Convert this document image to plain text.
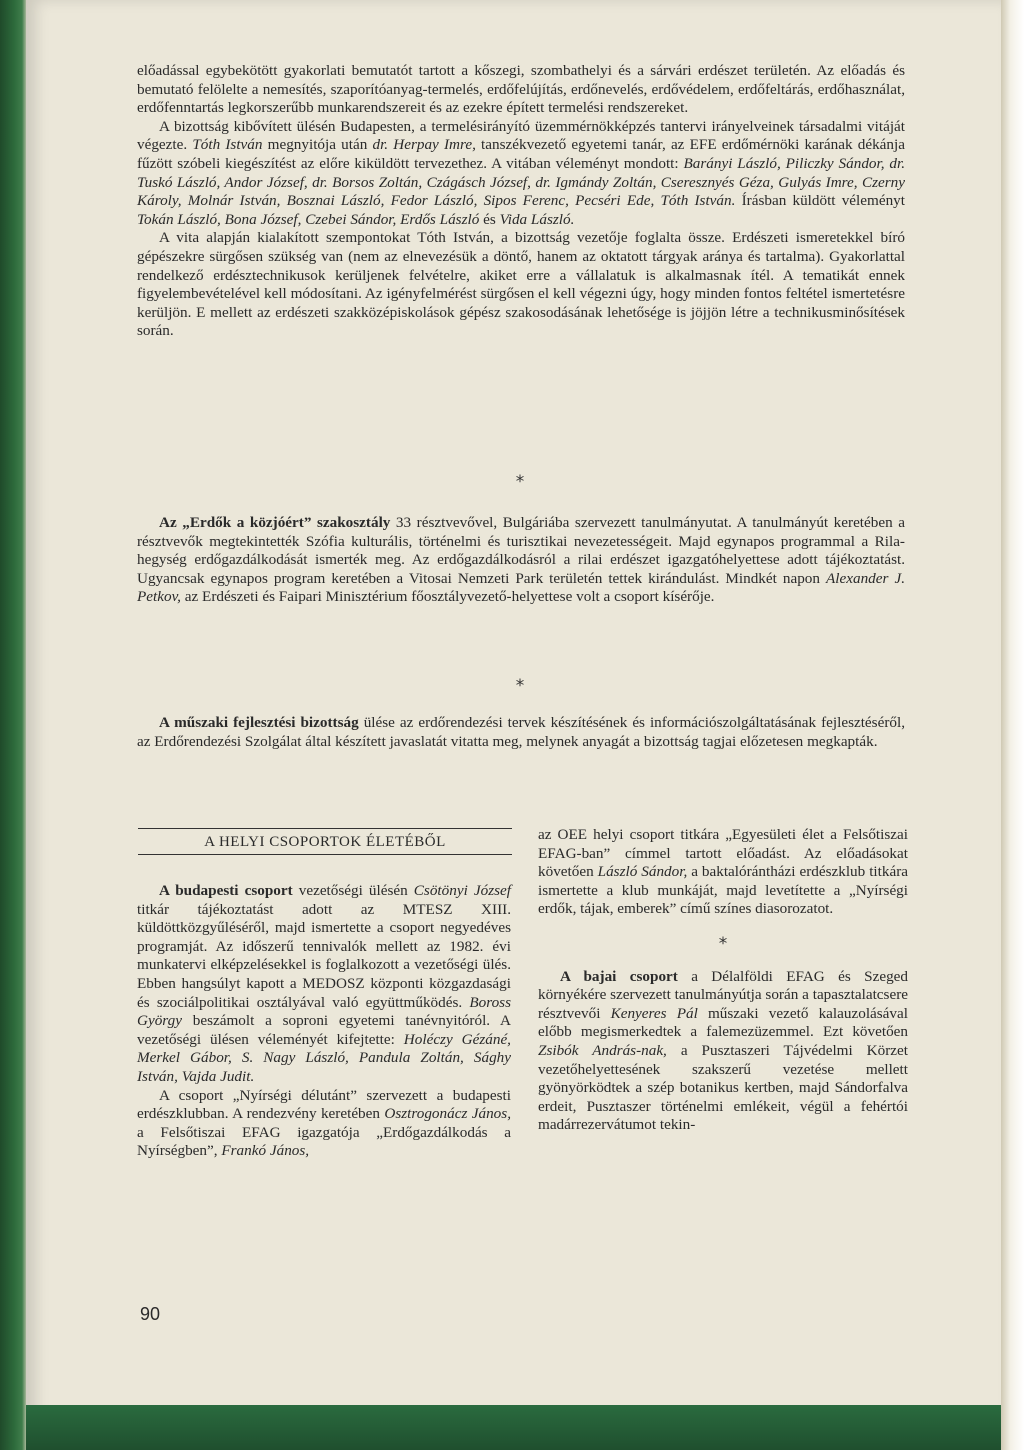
előadással egybekötött gyakorlati bemutatót tartott a kőszegi, szombathelyi és a sárvári erdészet területén. Az előadás és bemutató felölelte a nemesítés, szaporítóanyag-termelés, erdőfelújítás, erdőnevelés, erdővédelem, erdőfeltárás, erdőhasználat, erdőfenntartás legkorszerűbb munkarendszereit és az ezekre épített termelési rendszereket.

A bizottság kibővített ülésén Budapesten, a termelésirányító üzemmérnökképzés tantervi irányelveinek társadalmi vitáját végezte. Tóth István megnyitója után dr. Herpay Imre, tanszékvezető egyetemi tanár, az EFE erdőmérnöki karának dékánja fűzött szóbeli kiegészítést az előre kiküldött tervezethez. A vitában véleményt mondott: Barányi László, Piliczky Sándor, dr. Tuskó László, Andor József, dr. Borsos Zoltán, Czágásch József, dr. Igmándy Zoltán, Cseresznyés Géza, Gulyás Imre, Czerny Károly, Molnár István, Bosznai László, Fedor László, Sipos Ferenc, Pecséri Ede, Tóth István. Írásban küldött véleményt Tokán László, Bona József, Czebei Sándor, Erdős László és Vida László.

A vita alapján kialakított szempontokat Tóth István, a bizottság vezetője foglalta össze. Erdészeti ismeretekkel bíró gépészekre sürgősen szükség van (nem az elnevezésük a döntő, hanem az oktatott tárgyak aránya és tartalma). Gyakorlattal rendelkező erdésztechnikusok kerüljenek felvételre, akiket erre a vállalatuk is alkalmasnak ítél. A tematikát ennek figyelembevételével kell módosítani. Az igényfelmérést sürgősen el kell végezni úgy, hogy minden fontos feltétel ismertetésre kerüljön. E mellett az erdészeti szakközépiskolások gépész szakosodásának lehetősége is jöjjön létre a technikusminősítések során.

*
Az „Erdők a közjóért” szakosztály 33 résztvevővel, Bulgáriába szervezett tanulmányutat. A tanulmányút keretében a résztvevők megtekintették Szófia kulturális, történelmi és turisztikai nevezetességeit. Majd egynapos programmal a Rila-hegység erdőgazdálkodását ismerték meg. Az erdőgazdálkodásról a rilai erdészet igazgatóhelyettese adott tájékoztatást. Ugyancsak egynapos program keretében a Vitosai Nemzeti Park területén tettek kirándulást. Mindkét napon Alexander J. Petkov, az Erdészeti és Faipari Minisztérium főosztályvezető-helyettese volt a csoport kísérője.
*
A műszaki fejlesztési bizottság ülése az erdőrendezési tervek készítésének és információszolgáltatásának fejlesztéséről, az Erdőrendezési Szolgálat által készített javaslatát vitatta meg, melynek anyagát a bizottság tagjai előzetesen megkapták.
A HELYI CSOPORTOK ÉLETÉBŐL

A budapesti csoport vezetőségi ülésén Csötönyi József titkár tájékoztatást adott az MTESZ XIII. küldöttközgyűléséről, majd ismertette a csoport negyedéves programját. Az időszerű tennivalók mellett az 1982. évi munkatervi elképzelésekkel is foglalkozott a vezetőségi ülés. Ebben hangsúlyt kapott a MEDOSZ központi közgazdasági és szociálpolitikai osztályával való együttműködés. Boross György beszámolt a soproni egyetemi tanévnyitóról. A vezetőségi ülésen véleményét kifejtette: Holéczy Gézáné, Merkel Gábor, S. Nagy László, Pandula Zoltán, Sághy István, Vajda Judit.

A csoport „Nyírségi délutánt” szervezett a budapesti erdészklubban. A rendezvény keretében Osztrogonácz János, a Felsőtiszai EFAG igazgatója „Erdőgazdálkodás a Nyírségben”, Frankó János,

az OEE helyi csoport titkára „Egyesületi élet a Felsőtiszai EFAG-ban” címmel tartott előadást. Az előadásokat követően László Sándor, a baktalórántházi erdészklub titkára ismertette a klub munkáját, majd levetítette a „Nyírségi erdők, tájak, emberek” című színes diasorozatot.

*

A bajai csoport a Délalföldi EFAG és Szeged környékére szervezett tanulmányútja során a tapasztalatcsere résztvevői Kenyeres Pál műszaki vezető kalauzolásával előbb megismerkedtek a falemezüzemmel. Ezt követően Zsibók András-nak, a Pusztaszeri Tájvédelmi Körzet vezetőhelyettesének szakszerű vezetése mellett gyönyörködtek a szép botanikus kertben, majd Sándorfalva erdeit, Pusztaszer történelmi emlékeit, végül a fehértói madárrezervátumot tekin-

90
